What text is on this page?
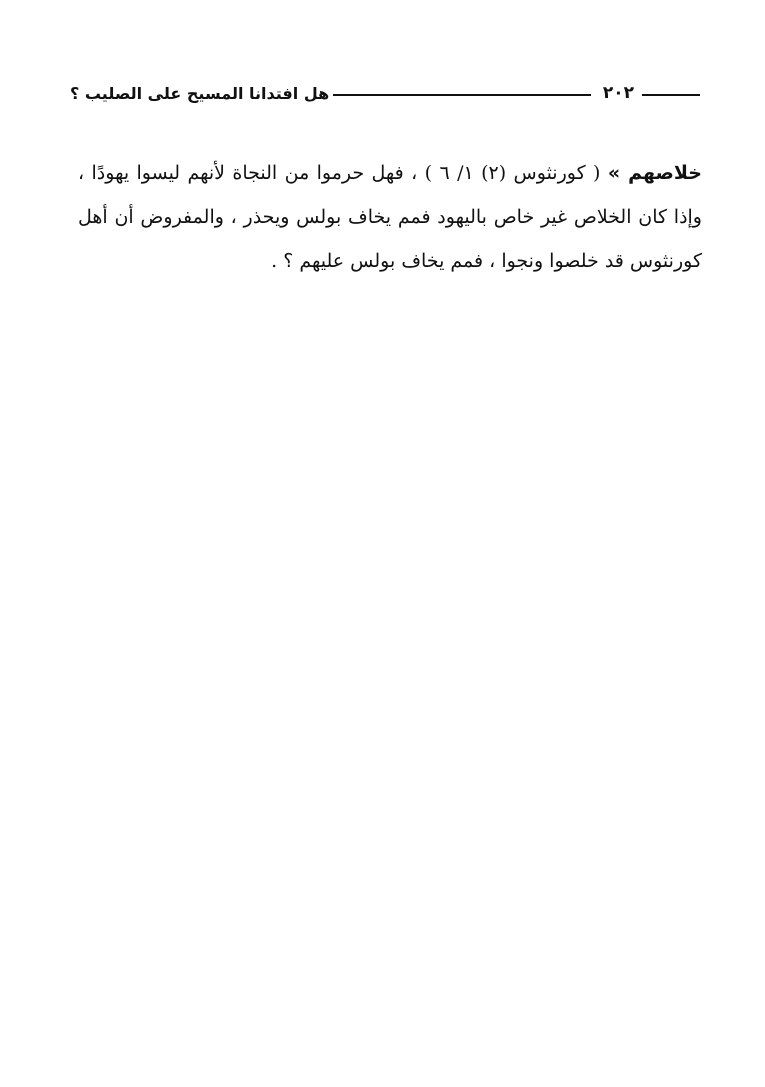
٢٠٢
هل افتدانا المسيح على الصليب ؟

خلاصهم » ( كورنثوس (٢) ١/ ٦ ) ، فهل حرموا من النجاة لأنهم ليسوا يهودًا ، وإذا كان الخلاص غير خاص باليهود فمم يخاف بولس ويحذر ، والمفروض أن أهل كورنثوس قد خلصوا ونجوا ، فمم يخاف بولس عليهم ؟ .
